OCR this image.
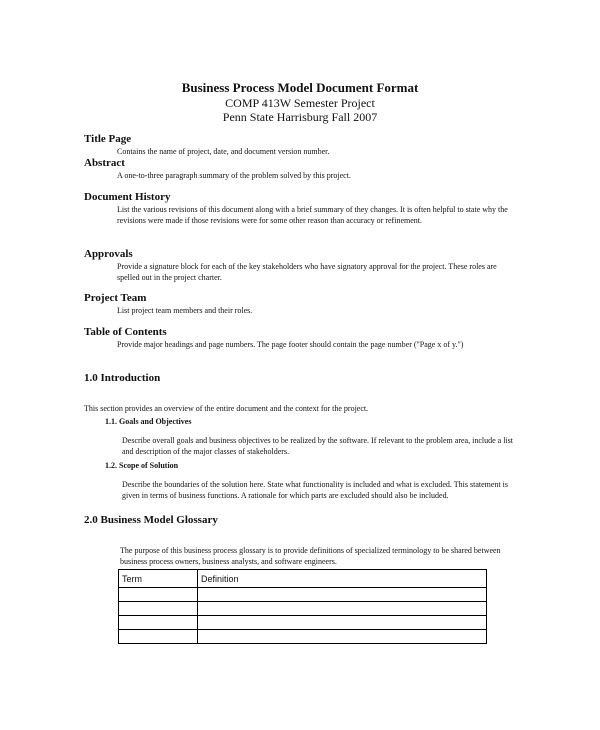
Business Process Model Document Format
COMP 413W Semester Project
Penn State Harrisburg Fall 2007

Title Page

Contains the name of project, date, and document version number.

Abstract

A one-to-three paragraph summary of the problem solved by this project.

Document History

List the various revisions of this document along with a brief summary of they changes. It is often helpful to state why the revisions were made if those revisions were for some other reason than accuracy or refinement.

Approvals

Provide a signature block for each of the key stakeholders who have signatory approval for the project. These roles are spelled out in the project charter.

Project Team

List project team members and their roles.

Table of Contents

Provide major headings and page numbers. The page footer should contain the page number ("Page x of y.")

1.0 Introduction

This section provides an overview of the entire document and the context for the project.

1.1. Goals and Objectives

Describe overall goals and business objectives to be realized by the software. If relevant to the problem area, include a list and description of the major classes of stakeholders.

1.2. Scope of Solution

Describe the boundaries of the solution here. State what functionality is included and what is excluded. This statement is given in terms of business functions. A rationale for which parts are excluded should also be included.

2.0 Business Model Glossary

The purpose of this business process glossary is to provide definitions of specialized terminology to be shared between business process owners, business analysts, and software engineers.

Term	Definition
